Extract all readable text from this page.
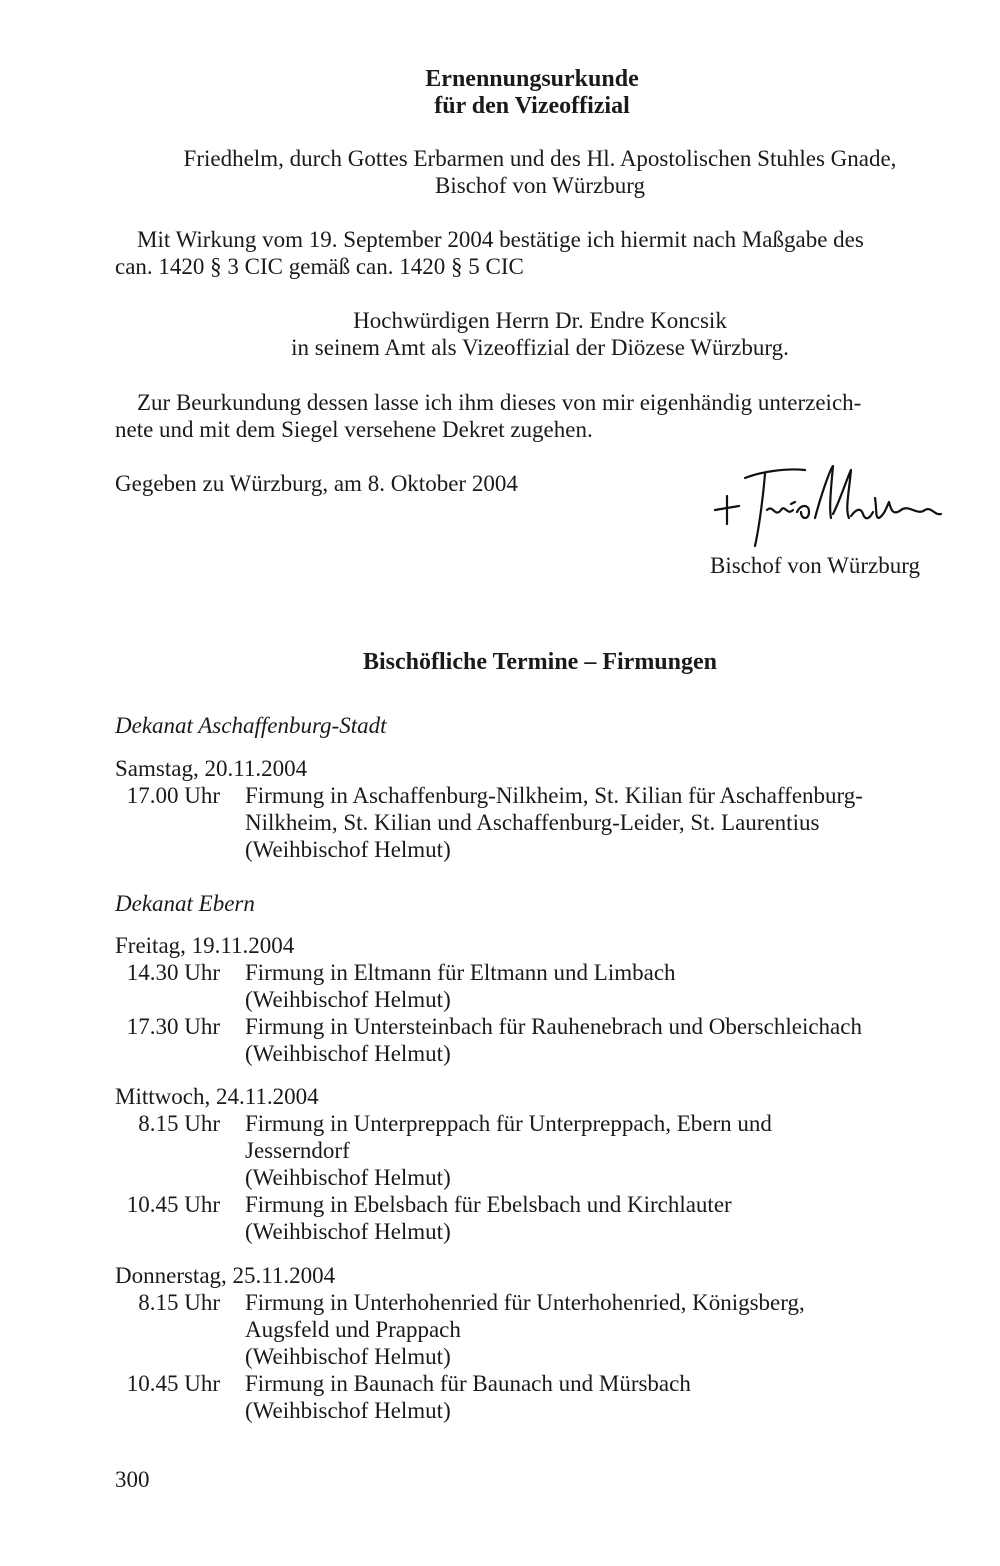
Ernennungsurkunde
für den Vizeoffizial
Friedhelm, durch Gottes Erbarmen und des Hl. Apostolischen Stuhles Gnade,
Bischof von Würzburg
Mit Wirkung vom 19. September 2004 bestätige ich hiermit nach Maßgabe des
can. 1420 § 3 CIC gemäß can. 1420 § 5 CIC
Hochwürdigen Herrn Dr. Endre Koncsik
in seinem Amt als Vizeoffizial der Diözese Würzburg.
Zur Beurkundung dessen lasse ich ihm dieses von mir eigenhändig unterzeich-
nete und mit dem Siegel versehene Dekret zugehen.
Gegeben zu Würzburg, am 8. Oktober 2004
Bischof von Würzburg
Bischöfliche Termine – Firmungen
Dekanat Aschaffenburg-Stadt
Samstag, 20.11.2004
17.00 Uhr Firmung in Aschaffenburg-Nilkheim, St. Kilian für Aschaffenburg-
Nilkheim, St. Kilian und Aschaffenburg-Leider, St. Laurentius
(Weihbischof Helmut)
Dekanat Ebern
Freitag, 19.11.2004
14.30 Uhr Firmung in Eltmann für Eltmann und Limbach
(Weihbischof Helmut)
17.30 Uhr Firmung in Untersteinbach für Rauhenebrach und Oberschleichach
(Weihbischof Helmut)
Mittwoch, 24.11.2004
8.15 Uhr Firmung in Unterpreppach für Unterpreppach, Ebern und
Jesserndorf
(Weihbischof Helmut)
10.45 Uhr Firmung in Ebelsbach für Ebelsbach und Kirchlauter
(Weihbischof Helmut)
Donnerstag, 25.11.2004
8.15 Uhr Firmung in Unterhohenried für Unterhohenried, Königsberg,
Augsfeld und Prappach
(Weihbischof Helmut)
10.45 Uhr Firmung in Baunach für Baunach und Mürsbach
(Weihbischof Helmut)
300
